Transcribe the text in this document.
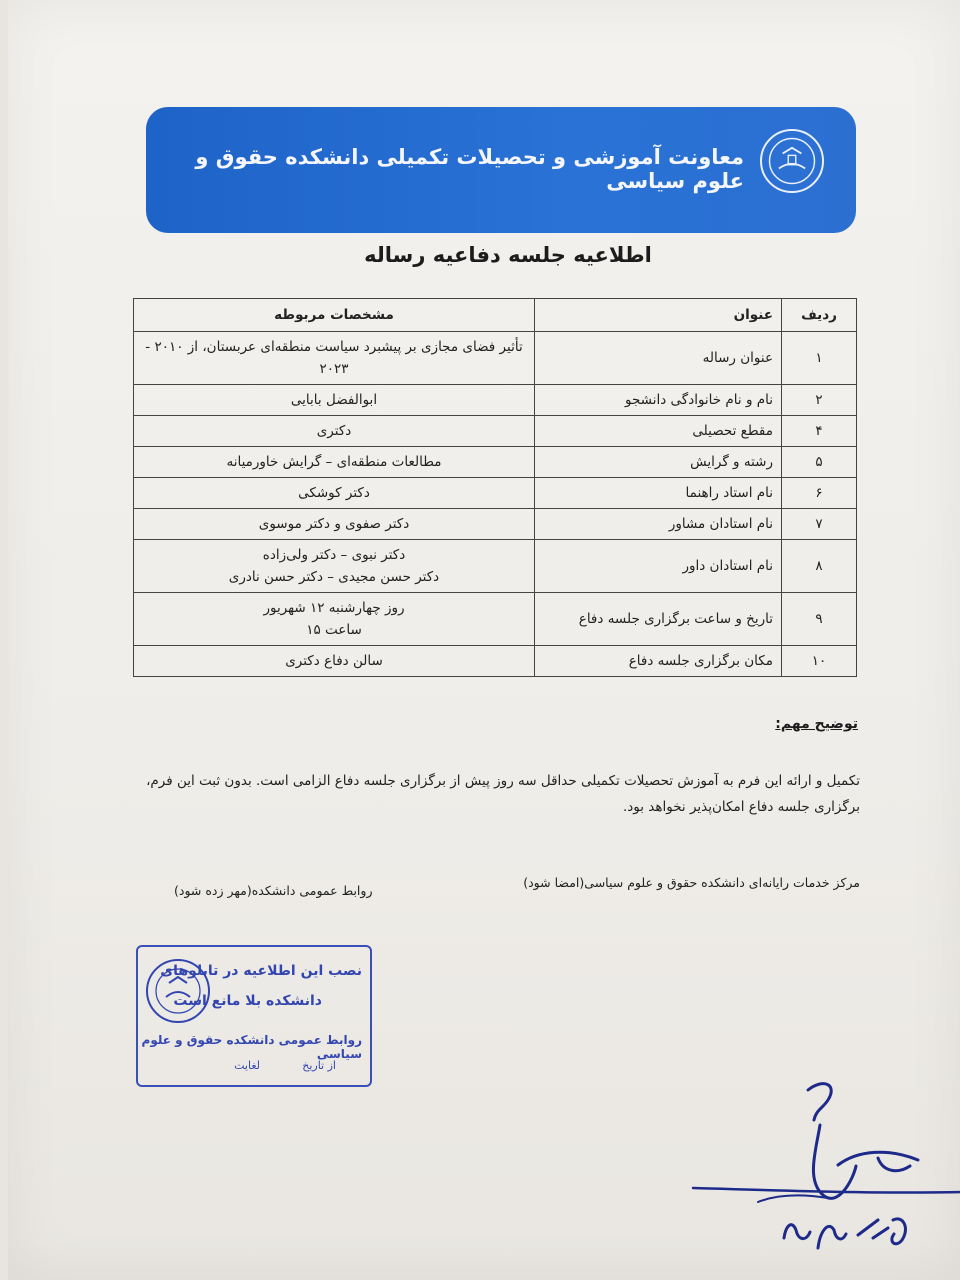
معاونت آموزشی و تحصیلات تکمیلی دانشکده حقوق و علوم سیاسی
اطلاعیه جلسه دفاعیه رساله
ردیف	عنوان	مشخصات مربوطه
۱	عنوان رساله	تأثیر فضای مجازی بر پیشبرد سیاست منطقه‌ای عربستان، از ۲۰۱۰ - ۲۰۲۳
۲	نام و نام خانوادگی دانشجو	ابوالفضل بابایی
۴	مقطع تحصیلی	دکتری
۵	رشته و گرایش	مطالعات منطقه‌ای – گرایش خاورمیانه
۶	نام استاد راهنما	دکتر کوشکی
۷	نام استادان مشاور	دکتر صفوی و دکتر موسوی
۸	نام استادان داور	دکتر نبوی – دکتر ولی‌زاده
دکتر حسن مجیدی – دکتر حسن نادری

۹	تاریخ و ساعت برگزاری جلسه دفاع	روز چهارشنبه ۱۲ شهریور
ساعت ۱۵

۱۰	مکان برگزاری جلسه دفاع	سالن دفاع دکتری
توضیح مهم:
تکمیل و ارائه این فرم به آموزش تحصیلات تکمیلی حداقل سه روز پیش از برگزاری جلسه دفاع الزامی است. بدون ثبت این فرم، برگزاری جلسه دفاع امکان‌پذیر نخواهد بود.
مرکز خدمات رایانه‌ای دانشکده حقوق و علوم سیاسی(امضا شود)
روابط عمومی دانشکده(مهر زده شود)
نصب این اطلاعیه در تابلوهای
دانشکده بلا مانع است
روابط عمومی دانشکده حقوق و علوم سیاسی
از تاریخ
لغایت
